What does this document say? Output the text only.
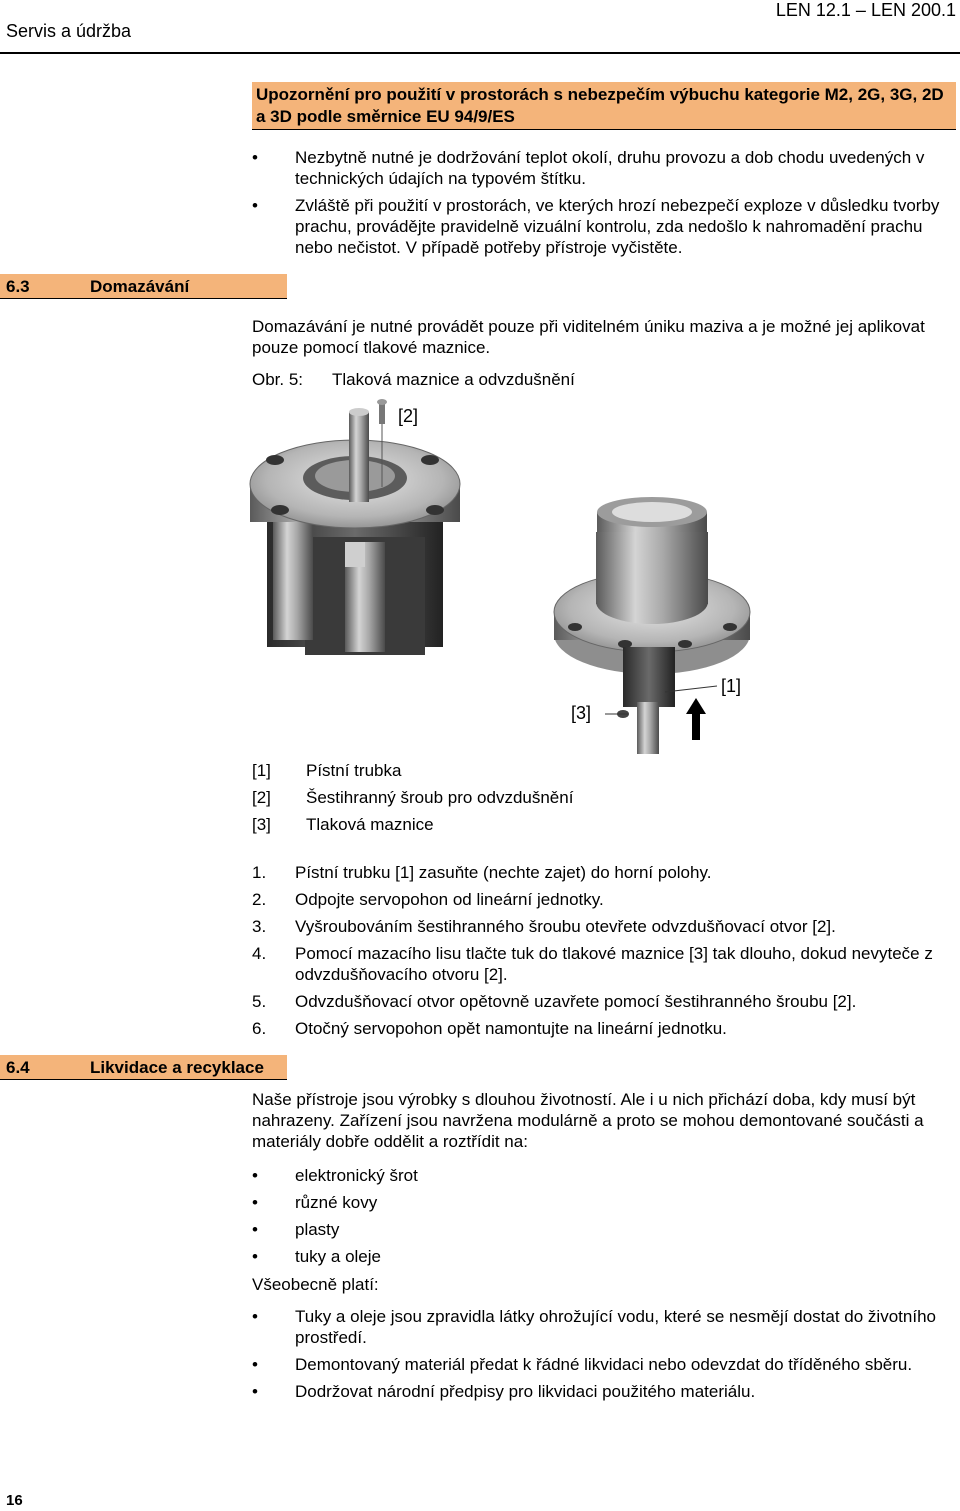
Servis a údržba
LEN 12.1 – LEN 200.1
Upozornění pro použití v prostorách s nebezpečím výbuchu kategorie M2, 2G, 3G, 2D a 3D podle směrnice EU 94/9/ES
• Nezbytně nutné je dodržování teplot okolí, druhu provozu a dob chodu uvedených v technických údajích na typovém štítku.
• Zvláště při použití v prostorách, ve kterých hrozí nebezpečí exploze v důsledku tvorby prachu, provádějte pravidelně vizuální kontrolu, zda nedošlo k nahromadění prachu nebo nečistot. V případě potřeby přístroje vyčistěte.
6.3	Domazávání
Domazávání je nutné provádět pouze při viditelném úniku maziva a je možné jej aplikovat pouze pomocí tlakové maznice.
Obr. 5: Tlaková maznice a odvzdušnění
[2]
[3]
[1]
[1] Pístní trubka
[2] Šestihranný šroub pro odvzdušnění
[3] Tlaková maznice
1. Pístní trubku [1] zasuňte (nechte zajet) do horní polohy.
2. Odpojte servopohon od lineární jednotky.
3. Vyšroubováním šestihranného šroubu otevřete odvzdušňovací otvor [2].
4. Pomocí mazacího lisu tlačte tuk do tlakové maznice [3] tak dlouho, dokud nevyteče z odvzdušňovacího otvoru [2].
5. Odvzdušňovací otvor opětovně uzavřete pomocí šestihranného šroubu [2].
6. Otočný servopohon opět namontujte na lineární jednotku.
6.4	Likvidace a recyklace
Naše přístroje jsou výrobky s dlouhou životností. Ale i u nich přichází doba, kdy musí být nahrazeny. Zařízení jsou navržena modulárně a proto se mohou demontované součásti a materiály dobře oddělit a roztřídit na:
• elektronický šrot
• různé kovy
• plasty
• tuky a oleje
Všeobecně platí:
• Tuky a oleje jsou zpravidla látky ohrožující vodu, které se nesmějí dostat do životního prostředí.
• Demontovaný materiál předat k řádné likvidaci nebo odevzdat do tříděného sběru.
• Dodržovat národní předpisy pro likvidaci použitého materiálu.
16
